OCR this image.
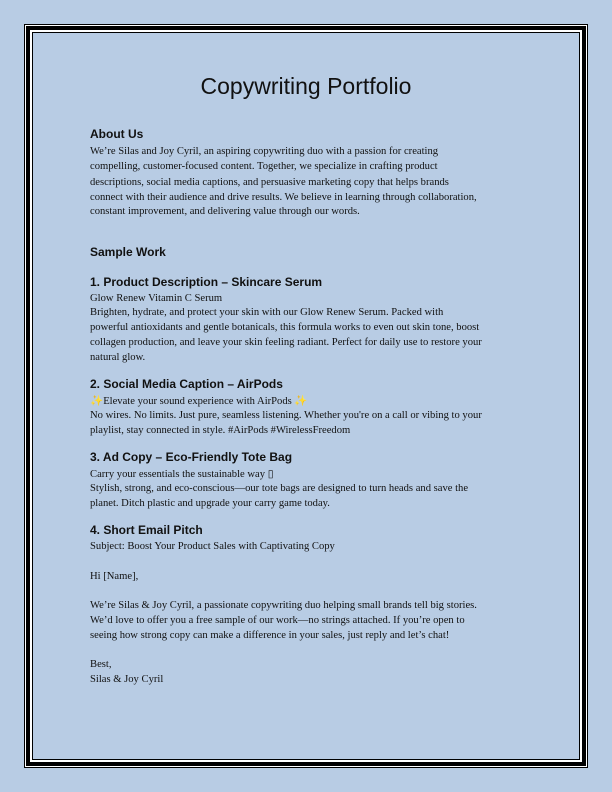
Copywriting Portfolio
About Us
We’re Silas and Joy Cyril, an aspiring copywriting duo with a passion for creating
compelling, customer-focused content. Together, we specialize in crafting product
descriptions, social media captions, and persuasive marketing copy that helps brands
connect with their audience and drive results. We believe in learning through collaboration,
constant improvement, and delivering value through our words.
Sample Work
1. Product Description – Skincare Serum
Glow Renew Vitamin C Serum
Brighten, hydrate, and protect your skin with our Glow Renew Serum. Packed with
powerful antioxidants and gentle botanicals, this formula works to even out skin tone, boost
collagen production, and leave your skin feeling radiant. Perfect for daily use to restore your
natural glow.
2. Social Media Caption – AirPods
✨Elevate your sound experience with AirPods ✨
No wires. No limits. Just pure, seamless listening. Whether you're on a call or vibing to your
playlist, stay connected in style. #AirPods #WirelessFreedom
3. Ad Copy – Eco-Friendly Tote Bag
Carry your essentials the sustainable way ▯
Stylish, strong, and eco-conscious—our tote bags are designed to turn heads and save the
planet. Ditch plastic and upgrade your carry game today.
4. Short Email Pitch
Subject: Boost Your Product Sales with Captivating Copy
Hi [Name],
We’re Silas & Joy Cyril, a passionate copywriting duo helping small brands tell big stories.
We’d love to offer you a free sample of our work—no strings attached. If you’re open to
seeing how strong copy can make a difference in your sales, just reply and let’s chat!
Best,
Silas & Joy Cyril
